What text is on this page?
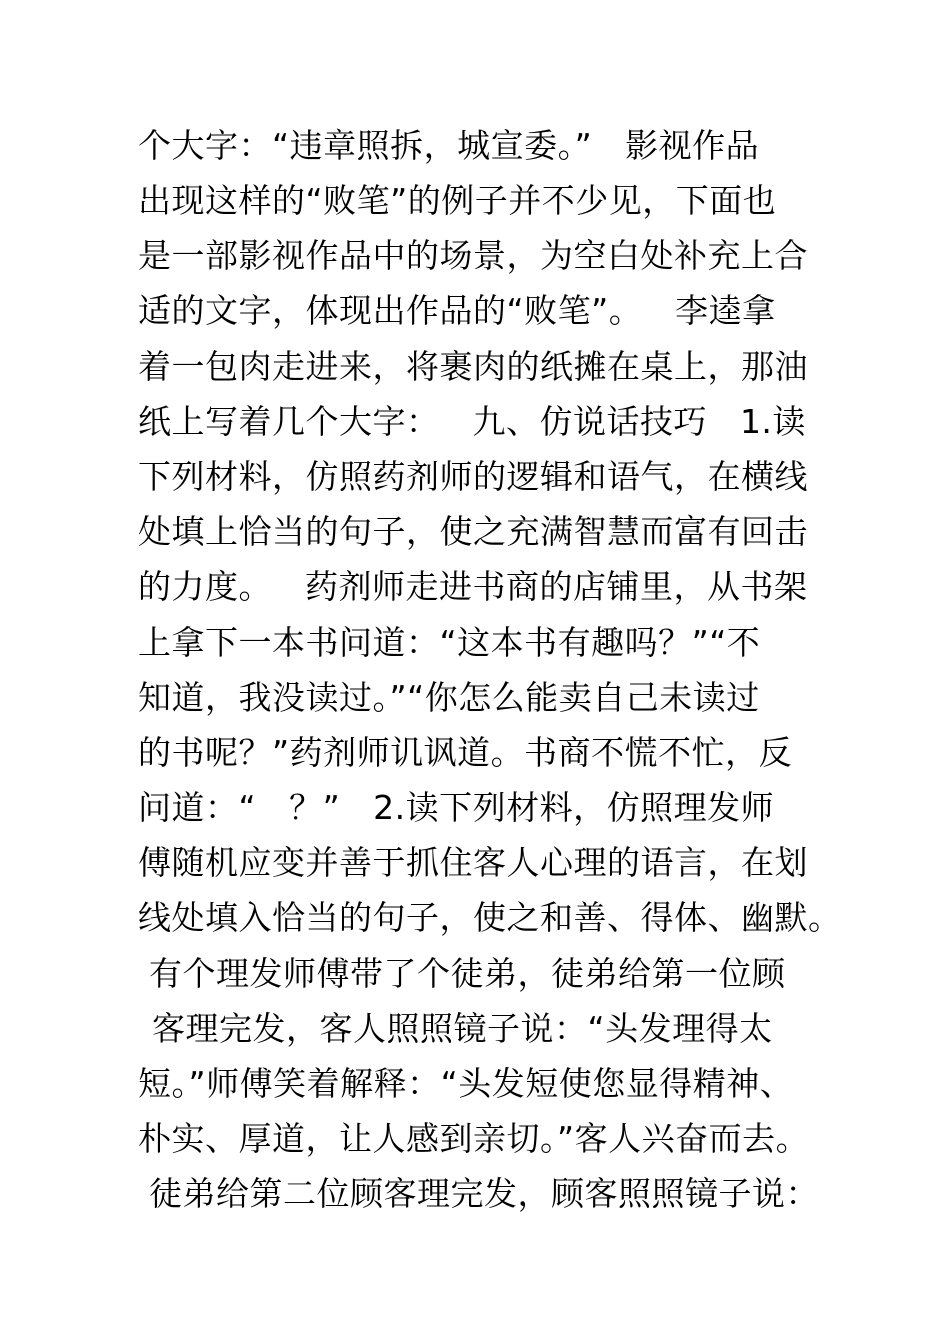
个大字：“违章照拆，城宣委。”   影视作品
出现这样的“败笔”的例子并不少见，下面也
是一部影视作品中的场景，为空白处补充上合
适的文字，体现出作品的“败笔”。   李逵拿
着一包肉走进来，将裹肉的纸摊在桌上，那油
纸上写着几个大字：   九、仿说话技巧   1.读
下列材料，仿照药剂师的逻辑和语气，在横线
处填上恰当的句子，使之充满智慧而富有回击
的力度。   药剂师走进书商的店铺里，从书架
上拿下一本书问道：“这本书有趣吗？”“不
知道，我没读过。”“你怎么能卖自己未读过
的书呢？”药剂师讥讽道。书商不慌不忙，反
问道：“   ？”   2.读下列材料，仿照理发师
傅随机应变并善于抓住客人心理的语言，在划
线处填入恰当的句子，使之和善、得体、幽默。
有个理发师傅带了个徒弟，徒弟给第一位顾
客理完发，客人照照镜子说：“头发理得太
短。”师傅笑着解释：“头发短使您显得精神、
朴实、厚道，让人感到亲切。”客人兴奋而去。
徒弟给第二位顾客理完发，顾客照照镜子说：
